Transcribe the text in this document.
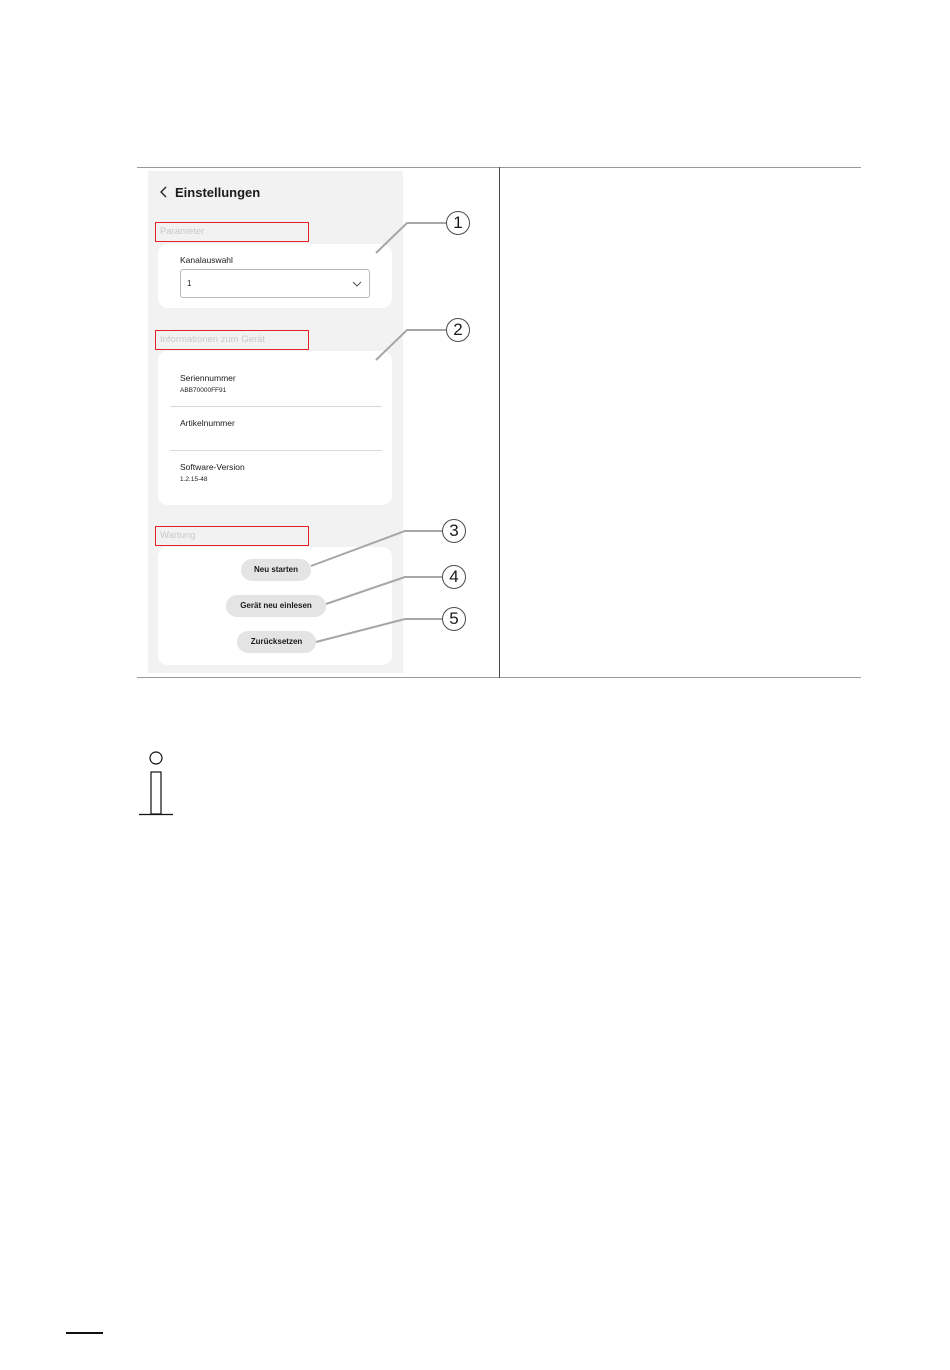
Einstellungen
Parameter
Kanalauswahl
1
Informationen zum Gerät
Seriennummer
ABB70000FF91
Artikelnummer
Software-Version
1.2.15-48
Wartung
Neu starten
Gerät neu einlesen
Zurücksetzen
1
2
3
4
5
